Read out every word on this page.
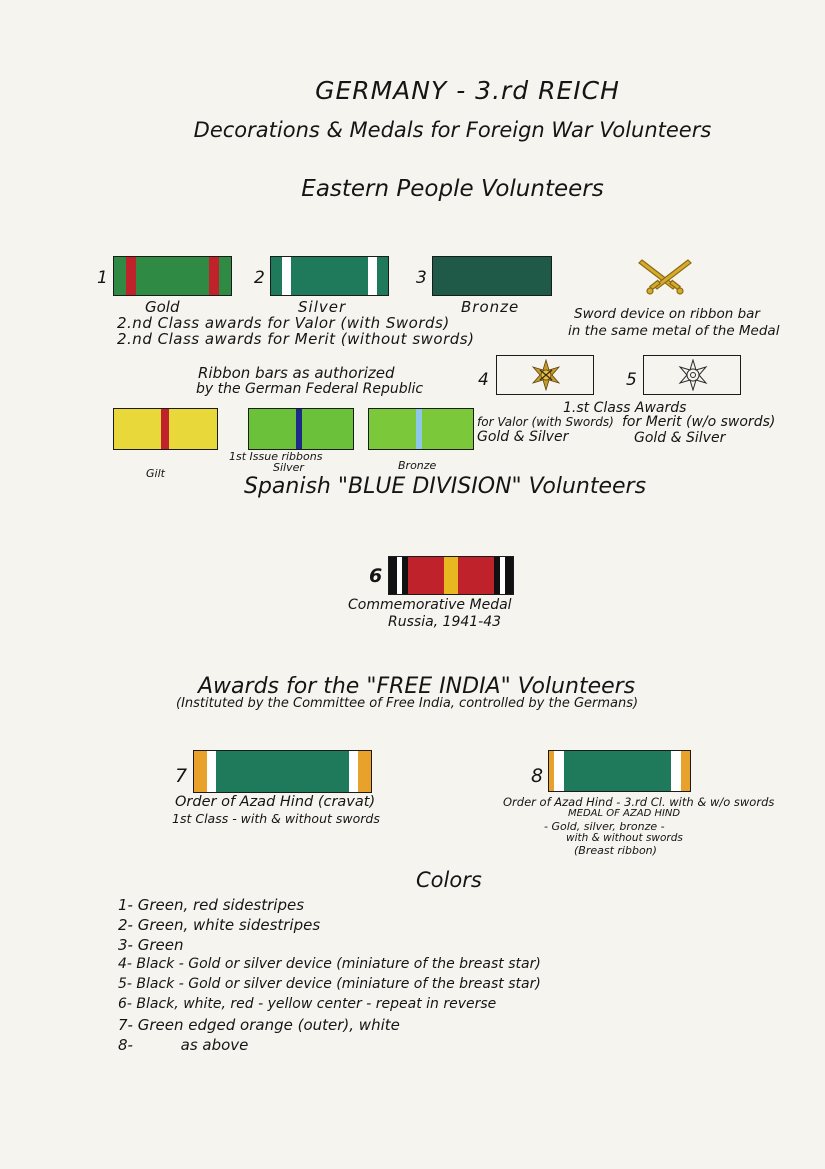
GERMANY - 3.rd REICH
Decorations & Medals for Foreign War Volunteers
Eastern People Volunteers
1
Gold
2
Silver
3
Bronze
2.nd Class awards for Valor (with Swords)
2.nd Class awards for Merit (without swords)
Sword device on ribbon bar
in the same metal of the Medal
Ribbon bars as authorized
by the German Federal Republic	4	5
1.st Class Awards
for Valor (with Swords)
Gold & Silver
for Merit (w/o swords)
Gold & Silver
Gilt
1st Issue ribbons
Silver	Bronze
Spanish "BLUE DIVISION" Volunteers
6
Commemorative Medal
Russia, 1941-43
Awards for the "FREE INDIA" Volunteers
(Instituted by the Committee of Free India, controlled by the Germans)
7
Order of Azad Hind (cravat)
1st Class - with & without swords
8
Order of Azad Hind - 3.rd Cl. with & w/o swords
MEDAL OF AZAD HIND
- Gold, silver, bronze -
with & without swords
(Breast ribbon)
Colors
1- Green, red sidestripes
2- Green, white sidestripes
3- Green
4- Black - Gold or silver device (miniature of the breast star)
5- Black - Gold or silver device (miniature of the breast star)
6- Black, white, red - yellow center - repeat in reverse
7- Green edged orange (outer), white
8-          as above
